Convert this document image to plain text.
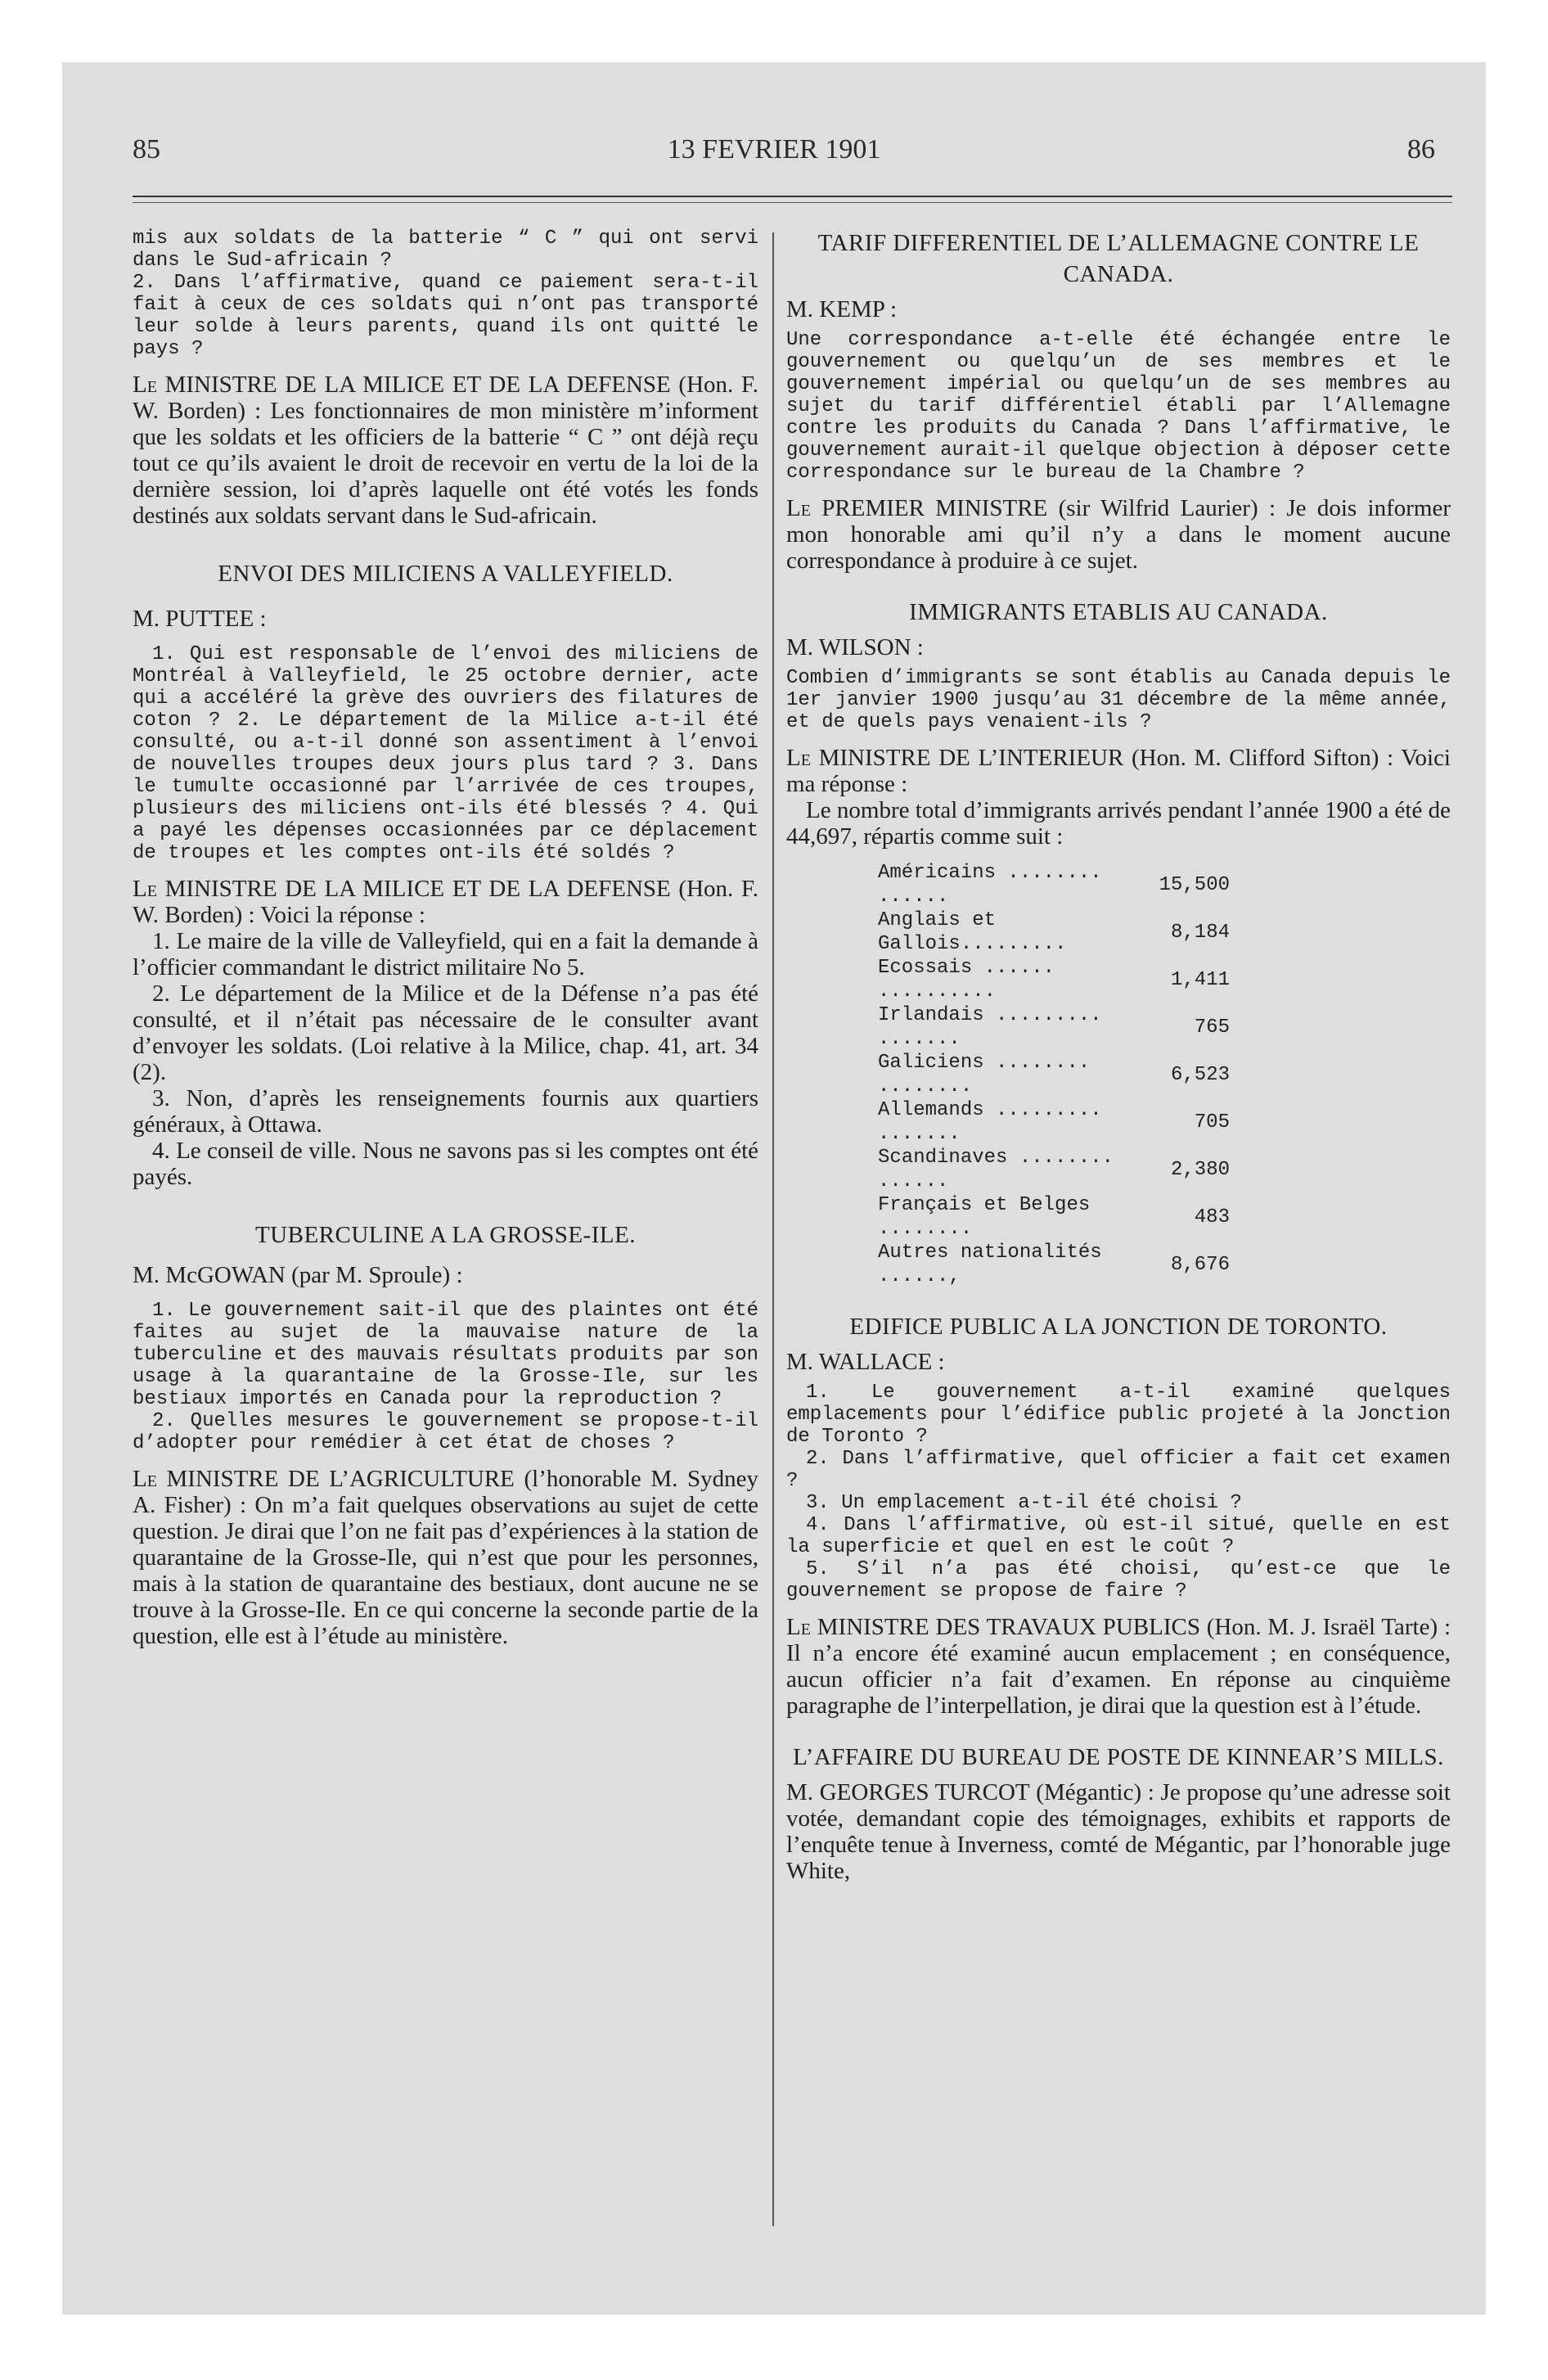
85	13 FEVRIER 1901	86

mis aux soldats de la batterie “ C ” qui ont servi dans le Sud-africain ?

2. Dans l’affirmative, quand ce paiement sera-t-il fait à ceux de ces soldats qui n’ont pas transporté leur solde à leurs parents, quand ils ont quitté le pays ?

Le MINISTRE DE LA MILICE ET DE LA DEFENSE (Hon. F. W. Borden) : Les fonctionnaires de mon ministère m’informent que les soldats et les officiers de la batterie “ C ” ont déjà reçu tout ce qu’ils avaient le droit de recevoir en vertu de la loi de la dernière session, loi d’après laquelle ont été votés les fonds destinés aux soldats servant dans le Sud-africain.

ENVOI DES MILICIENS A VALLEYFIELD.

M. PUTTEE :

1. Qui est responsable de l’envoi des miliciens de Montréal à Valleyfield, le 25 octobre dernier, acte qui a accéléré la grève des ouvriers des filatures de coton ? 2. Le département de la Milice a-t-il été consulté, ou a-t-il donné son assentiment à l’envoi de nouvelles troupes deux jours plus tard ? 3. Dans le tumulte occasionné par l’arrivée de ces troupes, plusieurs des miliciens ont-ils été blessés ? 4. Qui a payé les dépenses occasionnées par ce déplacement de troupes et les comptes ont-ils été soldés ?

Le MINISTRE DE LA MILICE ET DE LA DEFENSE (Hon. F. W. Borden) : Voici la réponse :

1. Le maire de la ville de Valleyfield, qui en a fait la demande à l’officier commandant le district militaire No 5.

2. Le département de la Milice et de la Défense n’a pas été consulté, et il n’était pas nécessaire de le consulter avant d’envoyer les soldats. (Loi relative à la Milice, chap. 41, art. 34 (2).

3. Non, d’après les renseignements fournis aux quartiers généraux, à Ottawa.

4. Le conseil de ville. Nous ne savons pas si les comptes ont été payés.

TUBERCULINE A LA GROSSE-ILE.

M. McGOWAN (par M. Sproule) :

1. Le gouvernement sait-il que des plaintes ont été faites au sujet de la mauvaise nature de la tuberculine et des mauvais résultats produits par son usage à la quarantaine de la Grosse-Ile, sur les bestiaux importés en Canada pour la reproduction ?

2. Quelles mesures le gouvernement se propose-t-il d’adopter pour remédier à cet état de choses ?

Le MINISTRE DE L’AGRICULTURE (l’honorable M. Sydney A. Fisher) : On m’a fait quelques observations au sujet de cette question. Je dirai que l’on ne fait pas d’expériences à la station de quarantaine de la Grosse-Ile, qui n’est que pour les personnes, mais à la station de quarantaine des bestiaux, dont aucune ne se trouve à la Grosse-Ile. En ce qui concerne la seconde partie de la question, elle est à l’étude au ministère.

TARIF DIFFERENTIEL DE L’ALLEMAGNE CONTRE LE CANADA.

M. KEMP :

Une correspondance a-t-elle été échangée entre le gouvernement ou quelqu’un de ses membres et le gouvernement impérial ou quelqu’un de ses membres au sujet du tarif différentiel établi par l’Allemagne contre les produits du Canada ? Dans l’affirmative, le gouvernement aurait-il quelque objection à déposer cette correspondance sur le bureau de la Chambre ?

Le PREMIER MINISTRE (sir Wilfrid Laurier) : Je dois informer mon honorable ami qu’il n’y a dans le moment aucune correspondance à produire à ce sujet.

IMMIGRANTS ETABLIS AU CANADA.

M. WILSON :

Combien d’immigrants se sont établis au Canada depuis le 1er janvier 1900 jusqu’au 31 décembre de la même année, et de quels pays venaient-ils ?

Le MINISTRE DE L’INTERIEUR (Hon. M. Clifford Sifton) : Voici ma réponse :

Le nombre total d’immigrants arrivés pendant l’année 1900 a été de 44,697, répartis comme suit :

Américains ........ ......	15,500
Anglais et Gallois.........	8,184
Ecossais ...... ..........	1,411
Irlandais ......... .......	765
Galiciens ........ ........	6,523
Allemands ......... .......	705
Scandinaves ........ ......	2,380
Français et Belges ........	483
Autres nationalités ......,	8,676

EDIFICE PUBLIC A LA JONCTION DE TORONTO.

M. WALLACE :

1. Le gouvernement a-t-il examiné quelques emplacements pour l’édifice public projeté à la Jonction de Toronto ?

2. Dans l’affirmative, quel officier a fait cet examen ?

3. Un emplacement a-t-il été choisi ?

4. Dans l’affirmative, où est-il situé, quelle en est la superficie et quel en est le coût ?

5. S’il n’a pas été choisi, qu’est-ce que le gouvernement se propose de faire ?

Le MINISTRE DES TRAVAUX PUBLICS (Hon. M. J. Israël Tarte) : Il n’a encore été examiné aucun emplacement ; en conséquence, aucun officier n’a fait d’examen. En réponse au cinquième paragraphe de l’interpellation, je dirai que la question est à l’étude.

L’AFFAIRE DU BUREAU DE POSTE DE KINNEAR’S MILLS.

M. GEORGES TURCOT (Mégantic) : Je propose qu’une adresse soit votée, demandant copie des témoignages, exhibits et rapports de l’enquête tenue à Inverness, comté de Mégantic, par l’honorable juge White,
